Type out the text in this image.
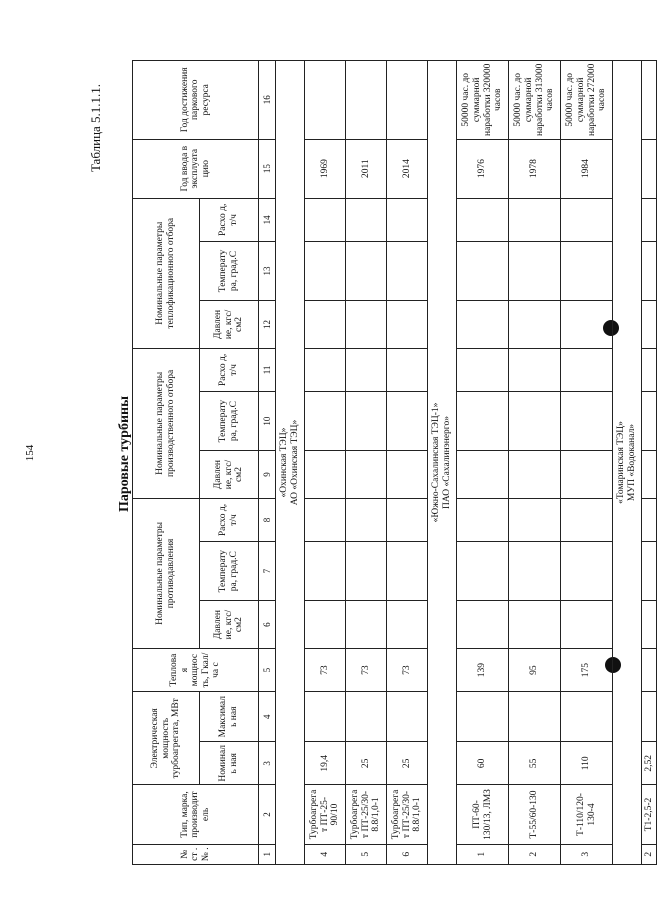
154	Паровые турбины
Таблица 5.1.1.1.
№ ст . № .	Тип, марка, производит ель	Электрическая мощность турбоагрегата, МВт		Теплова я мощнос ть, Гкал/ча с	Номинальные параметры противодавления			Номинальные параметры производственного отбора			Номинальные параметры теплофикационного отбора			Год ввода в эксплуата цию	Год достижения паркового ресурса
		Номиналь ная	Максималь ная		Давлен ие, кгс/см2	Температу ра, град.С	Расхо д, т/ч	Давлен ие, кгс/см2	Температу ра, град.С	Расхо д, т/ч	Давлен ие, кгс/см2	Температу ра, град.С	Расхо д, т/ч		
1	2	3	4	5	6	7	8	9	10	11	12	13	14	15	16

«Охинская ТЭЦ» АО «Охинская ТЭЦ»															

4	Турбоагрега т ПТ-25-90/10	19,4		73										1969	
5	Турбоагрега т ПТ-25/30-8.8/1,0-1	25		73										2011	
6	Турбоагрега т ПТ-25/30-8.8/1,0-1	25		73										2014	

«Южно-Сахалинская ТЭЦ-1» ПАО «Сахалинэнерго»															

1	ПТ-60-130/13, ЛМЗ	60		139										1976	50000 час. до суммарной наработки 320000 часов
2	Т-55/60-130	55		95										1978	50000 час. до суммарной наработки 313000 часов
3	Т-110/120-130-4	110		175										1984	50000 час. до суммарной наработки 272000 часов

«Томаринская ТЭЦ» МУП «Водоканал»															

2	Т1-2,5-2	2,52													
